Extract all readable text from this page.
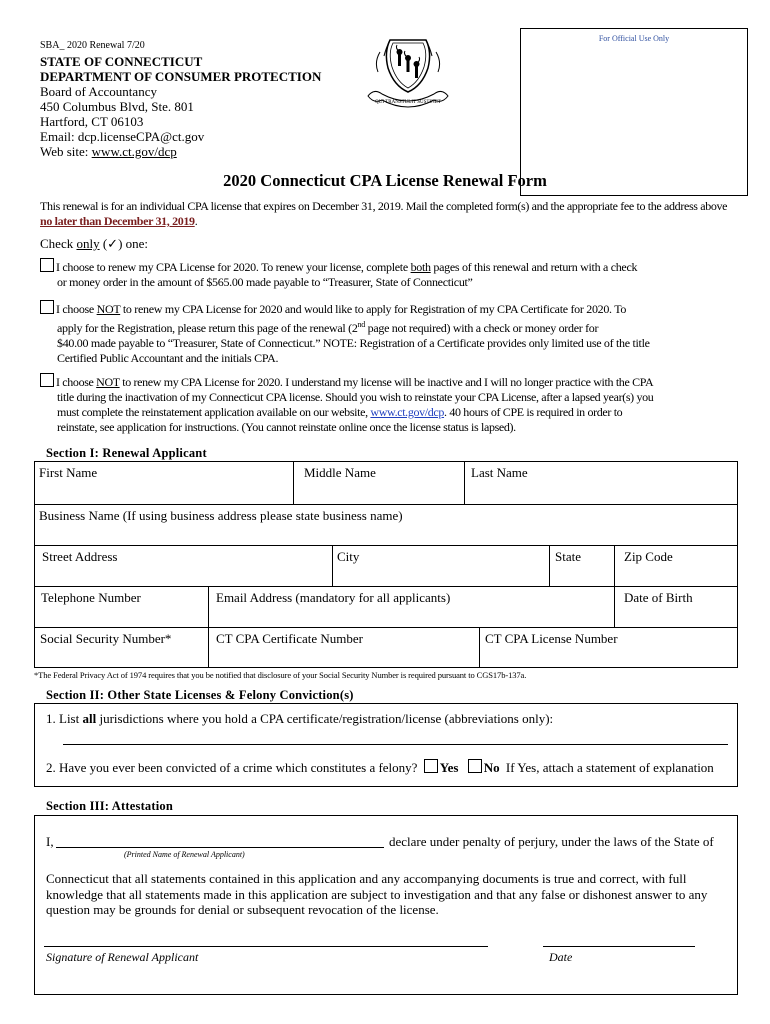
SBA_ 2020 Renewal 7/20
For Official Use Only
STATE OF CONNECTICUT
DEPARTMENT OF CONSUMER PROTECTION
Board of Accountancy
450 Columbus Blvd, Ste. 801
Hartford, CT 06103
Email: dcp.licenseCPA@ct.gov
Web site: www.ct.gov/dcp
QUI TRANSTULIT SUSTINET
2020 Connecticut CPA License Renewal Form
This renewal is for an individual CPA license that expires on December 31, 2019. Mail the completed form(s) and the appropriate fee to the address above no later than December 31, 2019.
Check only (✓) one:
I choose to renew my CPA License for 2020. To renew your license, complete both pages of this renewal and return with a check
or money order in the amount of $565.00 made payable to “Treasurer, State of Connecticut”
I choose NOT to renew my CPA License for 2020 and would like to apply for Registration of my CPA Certificate for 2020. To
apply for the Registration, please return this page of the renewal (2nd page not required) with a check or money order for
$40.00 made payable to “Treasurer, State of Connecticut.” NOTE: Registration of a Certificate provides only limited use of the title
Certified Public Accountant and the initials CPA.
I choose NOT to renew my CPA License for 2020. I understand my license will be inactive and I will no longer practice with the CPA
title during the inactivation of my Connecticut CPA license. Should you wish to reinstate your CPA License, after a lapsed year(s) you
must complete the reinstatement application available on our website, www.ct.gov/dcp. 40 hours of CPE is required in order to
reinstate, see application for instructions. (You cannot reinstate online once the license status is lapsed).
Section I: Renewal Applicant
First Name	Middle Name	Last Name
Business Name (If using business address please state business name)
Street Address	City	State	Zip Code
Telephone Number	Email Address (mandatory for all applicants)	Date of Birth
Social Security Number*	CT CPA Certificate Number	CT CPA License Number
*The Federal Privacy Act of 1974 requires that you be notified that disclosure of your Social Security Number is required pursuant to CGS17b-137a.
Section II: Other State Licenses & Felony Conviction(s)
1. List all jurisdictions where you hold a CPA certificate/registration/license (abbreviations only):
2. Have you ever been convicted of a crime which constitutes a felony? Yes No If Yes, attach a statement of explanation
Section III: Attestation
I,	declare under penalty of perjury, under the laws of the State of
(Printed Name of Renewal Applicant)
Connecticut that all statements contained in this application and any accompanying documents is true and correct, with full
knowledge that all statements made in this application are subject to investigation and that any false or dishonest answer to any
question may be grounds for denial or subsequent revocation of the license.
Signature of Renewal Applicant	Date
